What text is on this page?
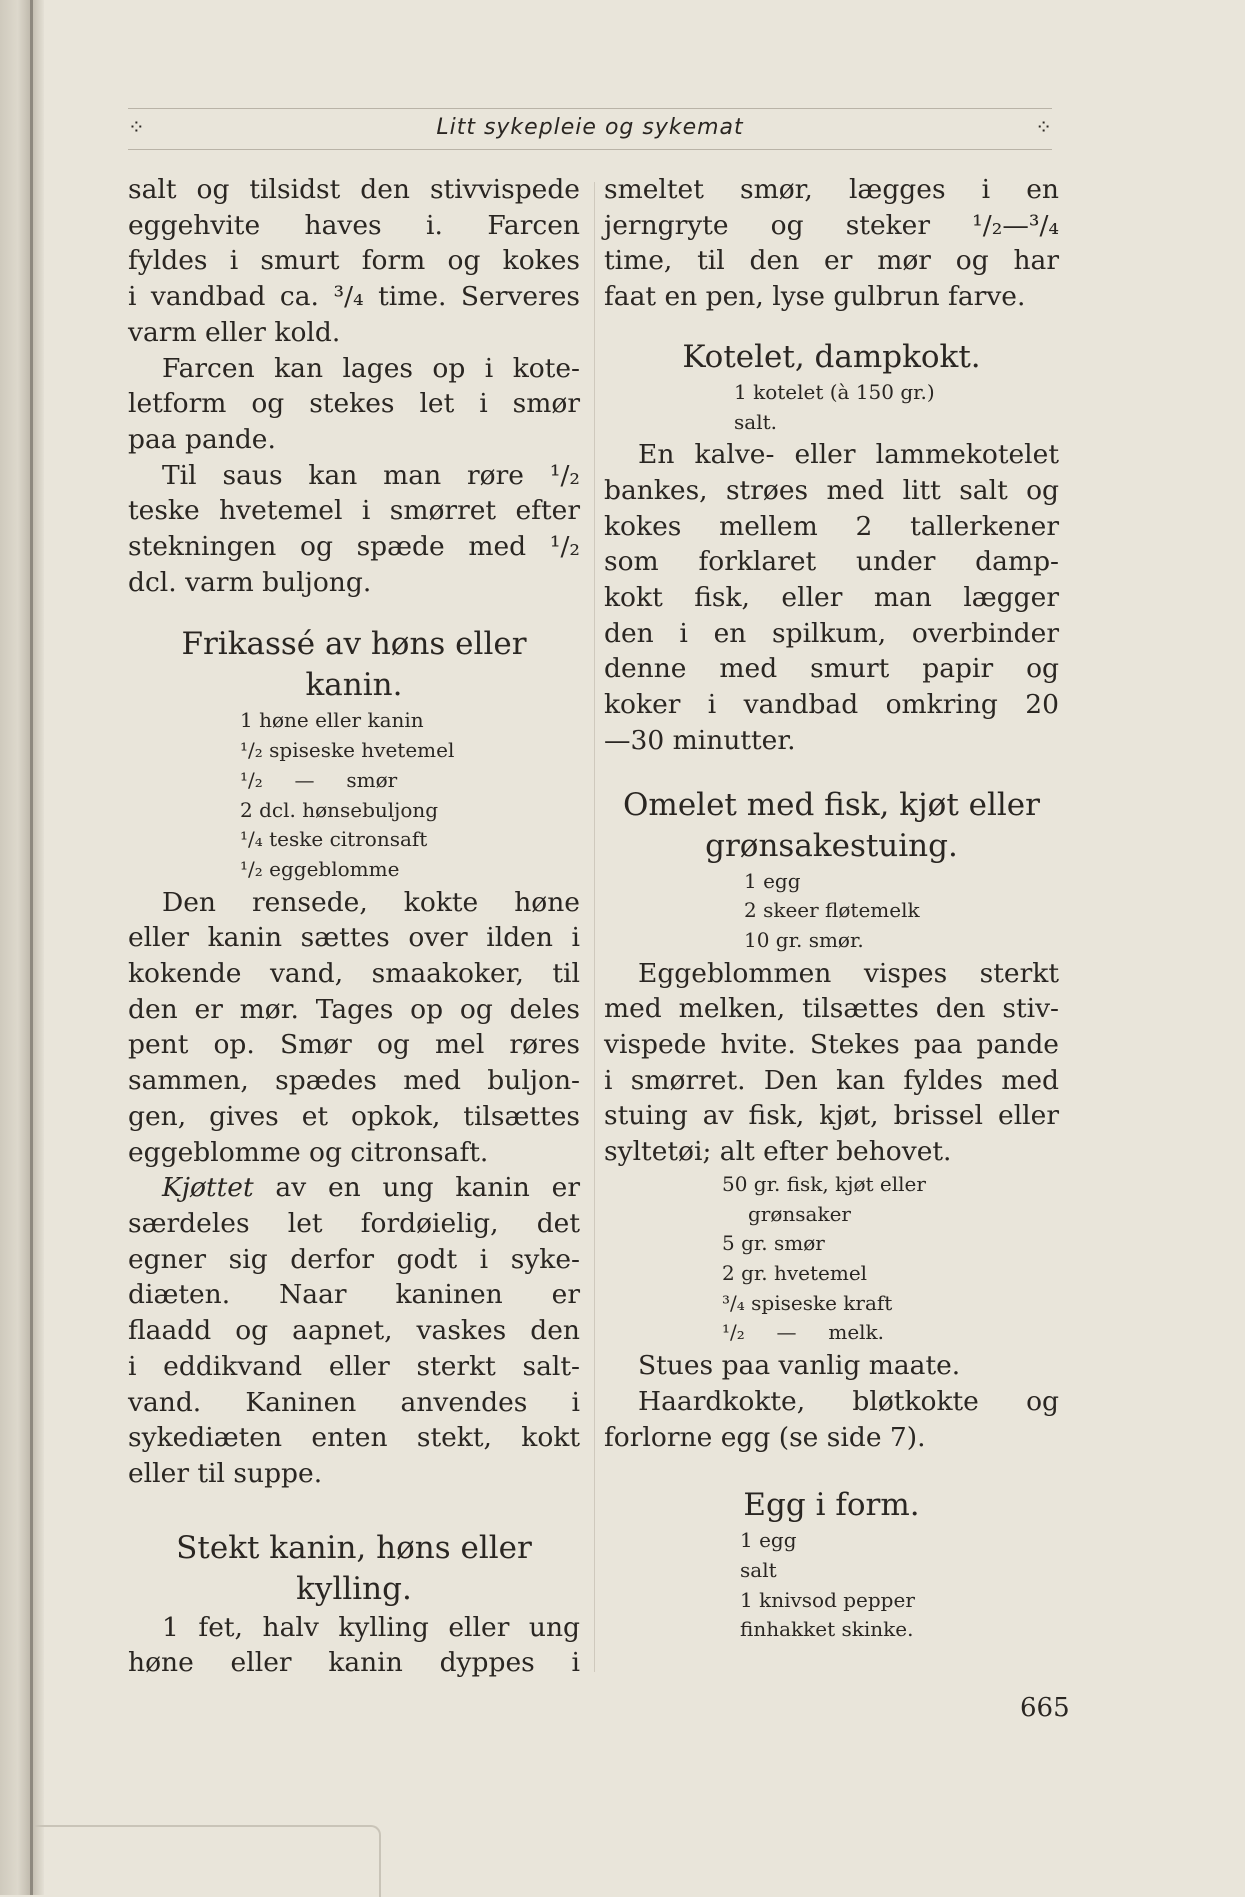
⁘	Litt sykepleie og sykemat	⁘

salt og tilsidst den stivvispede

eggehvite haves i. Farcen

fyldes i smurt form og kokes

i vandbad ca. ³/₄ time. Serveres

varm eller kold.

Farcen kan lages op i kote-

letform og stekes let i smør

paa pande.

Til saus kan man røre ¹/₂

teske hvetemel i smørret efter

stekningen og spæde med ¹/₂

dcl. varm buljong.

Frikassé av høns eller
kanin.
1 høne eller kanin
¹/₂ spiseske hvetemel
¹/₂     —     smør
2 dcl. hønsebuljong
¹/₄ teske citronsaft
¹/₂ eggeblomme

Den rensede, kokte høne

eller kanin sættes over ilden i

kokende vand, smaakoker, til

den er mør. Tages op og deles

pent op. Smør og mel røres

sammen, spædes med buljon-

gen, gives et opkok, tilsættes

eggeblomme og citronsaft.

Kjøttet av en ung kanin er

særdeles let fordøielig, det

egner sig derfor godt i syke-

diæten. Naar kaninen er

flaadd og aapnet, vaskes den

i eddikvand eller sterkt salt-

vand. Kaninen anvendes i

sykediæten enten stekt, kokt

eller til suppe.

Stekt kanin, høns eller
kylling.

1 fet, halv kylling eller ung

høne eller kanin dyppes i

smeltet smør, lægges i en

jerngryte og steker ¹/₂—³/₄

time, til den er mør og har

faat en pen, lyse gulbrun farve.

Kotelet, dampkokt.
1 kotelet (à 150 gr.)
salt.

En kalve- eller lammekotelet

bankes, strøes med litt salt og

kokes mellem 2 tallerkener

som forklaret under damp-

kokt fisk, eller man lægger

den i en spilkum, overbinder

denne med smurt papir og

koker i vandbad omkring 20

—30 minutter.

Omelet med fisk, kjøt eller
grønsakestuing.
1 egg
2 skeer fløtemelk
10 gr. smør.

Eggeblommen vispes sterkt

med melken, tilsættes den stiv-

vispede hvite. Stekes paa pande

i smørret. Den kan fyldes med

stuing av fisk, kjøt, brissel eller

syltetøi; alt efter behovet.

50 gr. fisk, kjøt eller
grønsaker
5 gr. smør
2 gr. hvetemel
³/₄ spiseske kraft
¹/₂     —     melk.

Stues paa vanlig maate.

Haardkokte, bløtkokte og

forlorne egg (se side 7).

Egg i form.
1 egg
salt
1 knivsod pepper
finhakket skinke.
665
